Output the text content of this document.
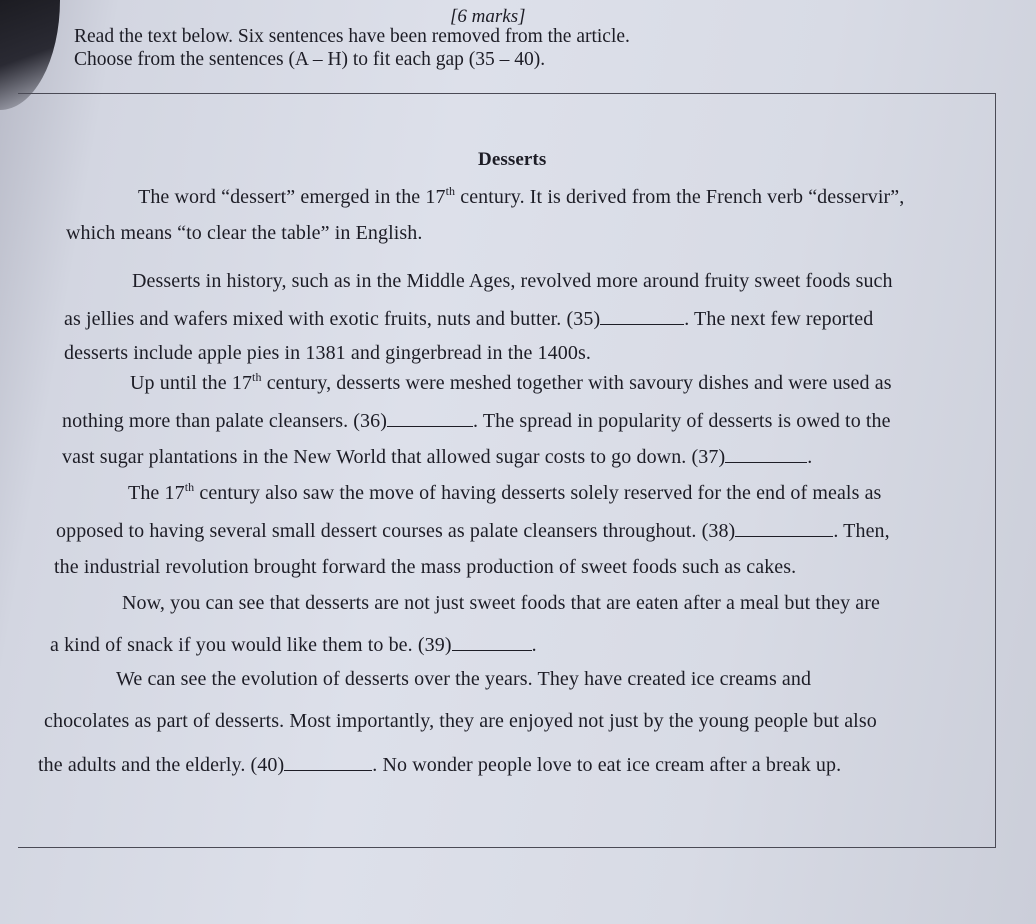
[6 marks]
Read the text below. Six sentences have been removed from the article.
Choose from the sentences (A – H) to fit each gap (35 – 40).
Desserts
The word “dessert” emerged in the 17th century. It is derived from the French verb “desservir”,
which means “to clear the table” in English.
Desserts in history, such as in the Middle Ages, revolved more around fruity sweet foods such
as jellies and wafers mixed with exotic fruits, nuts and butter. (35)	. The next few reported
desserts include apple pies in 1381 and gingerbread in the 1400s.
Up until the 17th century, desserts were meshed together with savoury dishes and were used as
nothing more than palate cleansers. (36)	. The spread in popularity of desserts is owed to the
vast sugar plantations in the New World that allowed sugar costs to go down. (37)	.
The 17th century also saw the move of having desserts solely reserved for the end of meals as
opposed to having several small dessert courses as palate cleansers throughout. (38)	. Then,
the industrial revolution brought forward the mass production of sweet foods such as cakes.
Now, you can see that desserts are not just sweet foods that are eaten after a meal but they are
a kind of snack if you would like them to be. (39)	.
We can see the evolution of desserts over the years. They have created ice creams and
chocolates as part of desserts. Most importantly, they are enjoyed not just by the young people but also
the adults and the elderly. (40)	. No wonder people love to eat ice cream after a break up.
